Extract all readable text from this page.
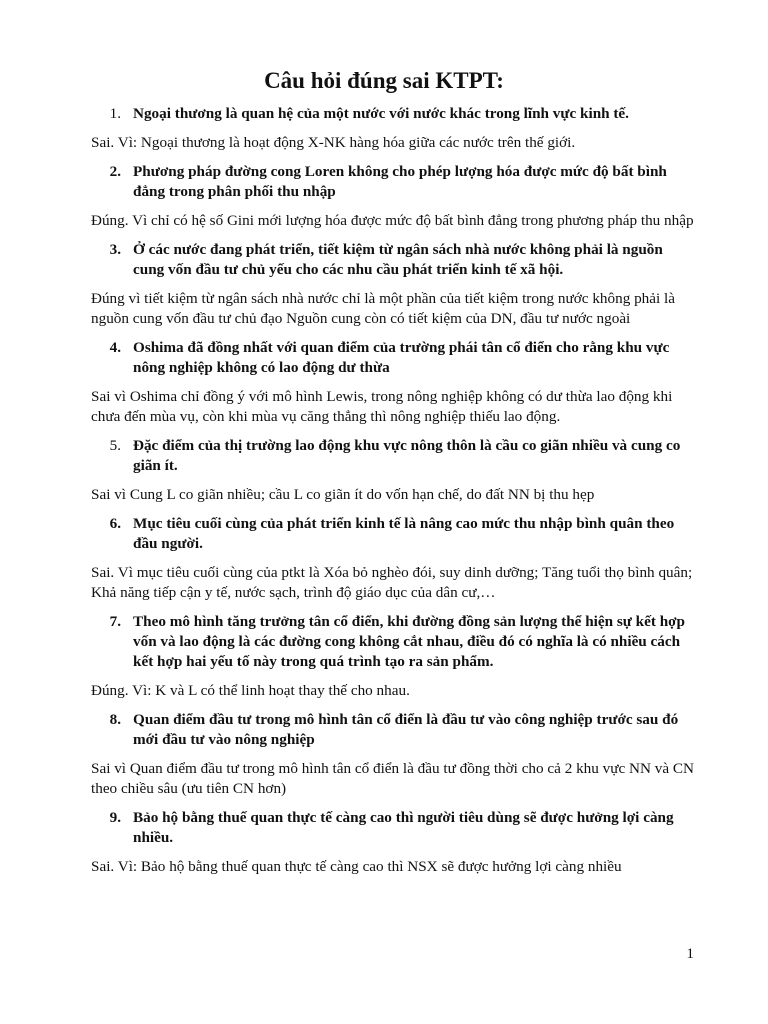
Câu hỏi đúng sai KTPT:
1. Ngoại thương là quan hệ của một nước với nước khác trong lĩnh vực kinh tế.
Sai. Vì: Ngoại thương là hoạt động X-NK hàng hóa giữa các nước trên thế giới.
2. Phương pháp đường cong Loren không cho phép lượng hóa được mức độ bất bình đẳng trong phân phối thu nhập
Đúng. Vì chỉ có hệ số Gini mới lượng hóa được mức độ bất bình đẳng trong phương pháp thu nhập
3. Ở các nước đang phát triển, tiết kiệm từ ngân sách nhà nước không phải là nguồn cung vốn đầu tư chủ yếu cho các nhu cầu phát triển kinh tế xã hội.
Đúng vì tiết kiệm từ ngân sách nhà nước chỉ là một phần của tiết kiệm trong nước không phải là nguồn cung vốn đầu tư chủ đạo Nguồn cung còn có tiết kiệm của DN, đầu tư nước ngoài
4. Oshima đã đồng nhất với quan điểm của trường phái tân cổ điển cho rằng khu vực nông nghiệp không có lao động dư thừa
Sai vì Oshima chỉ đồng ý với mô hình Lewis, trong nông nghiệp không có dư thừa lao động khi chưa đến mùa vụ, còn khi mùa vụ căng thẳng thì nông nghiệp thiếu lao động.
5. Đặc điểm của thị trường lao động khu vực nông thôn là cầu co giãn nhiều và cung co giãn ít.
Sai vì Cung L co giãn nhiều; cầu L co giãn ít do vốn hạn chế, do đất NN bị thu hẹp
6. Mục tiêu cuối cùng của phát triển kinh tế là nâng cao mức thu nhập bình quân theo đầu người.
Sai. Vì mục tiêu cuối cùng của ptkt là Xóa bỏ nghèo đói, suy dinh dưỡng; Tăng tuổi thọ bình quân; Khả năng tiếp cận y tế, nước sạch, trình độ giáo dục của dân cư,…
7. Theo mô hình tăng trưởng tân cổ điển, khi đường đồng sản lượng thể hiện sự kết hợp vốn và lao động là các đường cong không cắt nhau, điều đó có nghĩa là có nhiều cách kết hợp hai yếu tố này trong quá trình tạo ra sản phẩm.
Đúng. Vì: K và L có thể linh hoạt thay thế cho nhau.
8. Quan điểm đầu tư trong mô hình tân cổ điển là đầu tư vào công nghiệp trước sau đó mới đầu tư vào nông nghiệp
Sai vì Quan điểm đầu tư trong mô hình tân cổ điển là đầu tư đồng thời cho cả 2 khu vực NN và CN theo chiều sâu (ưu tiên CN hơn)
9. Bảo hộ bằng thuế quan thực tế càng cao thì người tiêu dùng sẽ được hưởng lợi càng nhiều.
Sai. Vì: Bảo hộ bằng thuế quan thực tế càng cao thì NSX sẽ được hưởng lợi càng nhiều
1
